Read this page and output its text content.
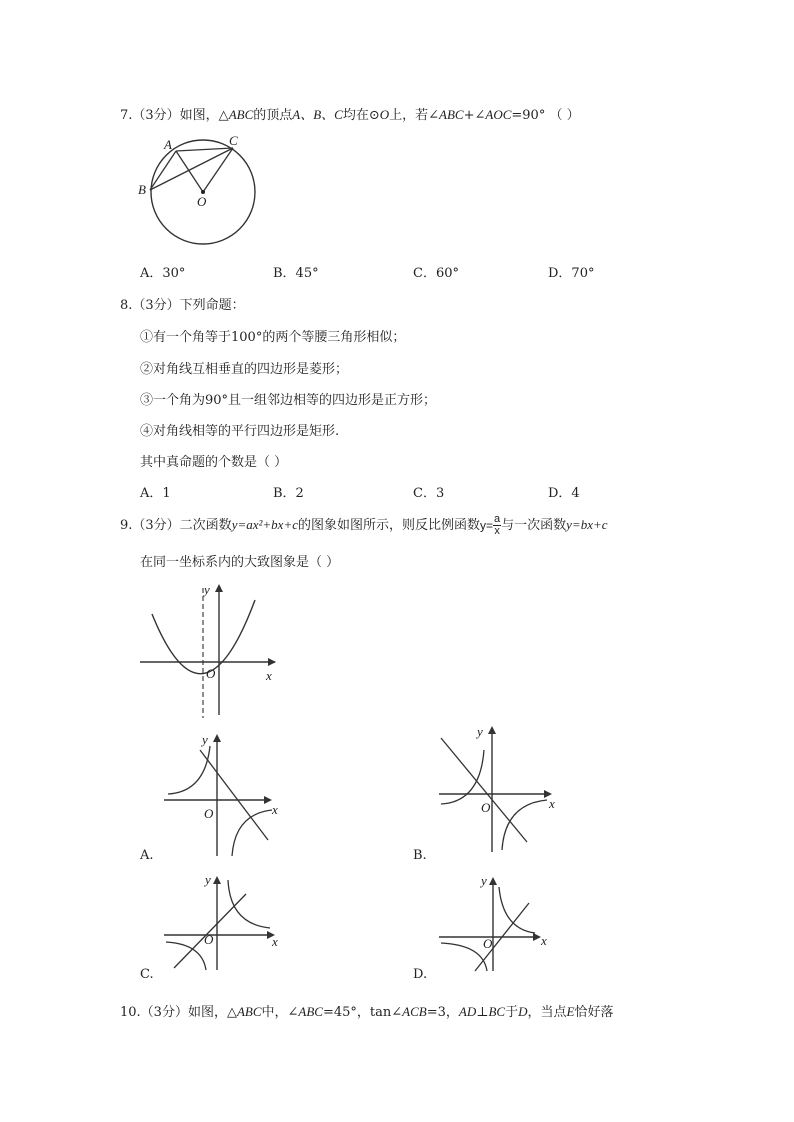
7.（3分）如图，△ABC的顶点A、B、C均在⊙O上，若∠ABC+∠AOC=90° （ ）
A	C
B
O
A．30°	B．45°	C．60°	D．70°
8.（3分）下列命题：
①有一个角等于100°的两个等腰三角形相似；
②对角线互相垂直的四边形是菱形；
③一个角为90°且一组邻边相等的四边形是正方形；
④对角线相等的平行四边形是矩形.
其中真命题的个数是（ ）
A．1	B．2	C．3	D．4
9.（3分）二次函数y=ax²+bx+c的图象如图所示，则反比例函数$y= \frac{a}{x}$ 与一次函数y=bx+c
在同一坐标系内的大致图象是（ ）
y
x
O
y
x
O
A.
y
x
O
B.
y
x
O
C.
y
x
O
D.
10.（3分）如图，△ABC中，∠ABC=45°，tan∠ACB=3，AD⊥BC于D，当点E恰好落
